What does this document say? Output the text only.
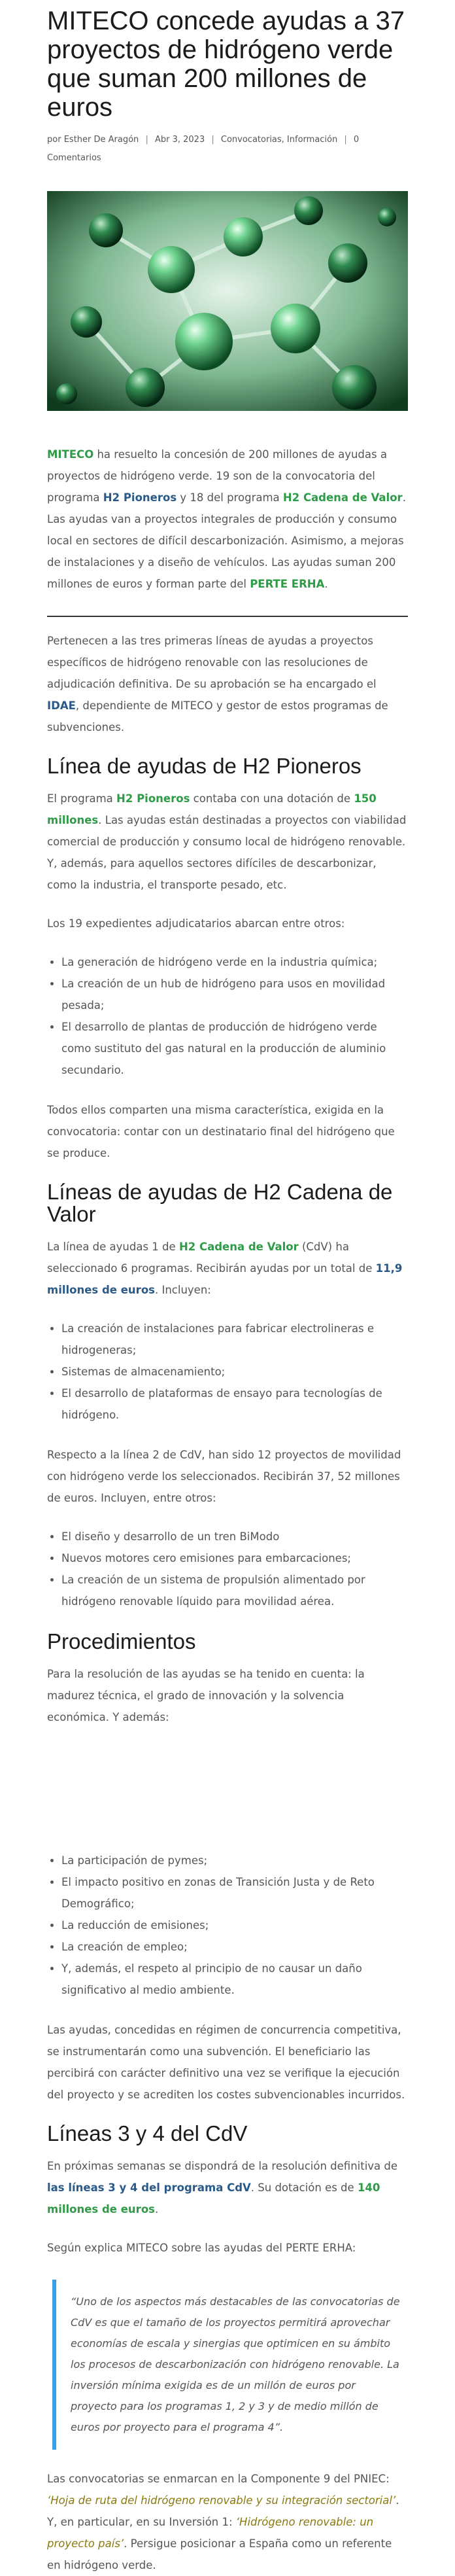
MITECO concede ayudas a 37 proyectos de hidrógeno verde que suman 200 millones de euros
por Esther De Aragón | Abr 3, 2023 | Convocatorias, Información | 0 Comentarios

MITECO ha resuelto la concesión de 200 millones de ayudas a proyectos de hidrógeno verde. 19 son de la convocatoria del programa H2 Pioneros y 18 del programa H2 Cadena de Valor. Las ayudas van a proyectos integrales de producción y consumo local en sectores de difícil descarbonización. Asimismo, a mejoras de instalaciones y a diseño de vehículos. Las ayudas suman 200 millones de euros y forman parte del PERTE ERHA.

Pertenecen a las tres primeras líneas de ayudas a proyectos específicos de hidrógeno renovable con las resoluciones de adjudicación definitiva. De su aprobación se ha encargado el IDAE, dependiente de MITECO y gestor de estos programas de subvenciones.

Línea de ayudas de H2 Pioneros

El programa H2 Pioneros contaba con una dotación de 150 millones. Las ayudas están destinadas a proyectos con viabilidad comercial de producción y consumo local de hidrógeno renovable. Y, además, para aquellos sectores difíciles de descarbonizar, como la industria, el transporte pesado, etc.

Los 19 expedientes adjudicatarios abarcan entre otros:

• La generación de hidrógeno verde en la industria química;
• La creación de un hub de hidrógeno para usos en movilidad pesada;
• El desarrollo de plantas de producción de hidrógeno verde como sustituto del gas natural en la producción de aluminio secundario.

Todos ellos comparten una misma característica, exigida en la convocatoria: contar con un destinatario final del hidrógeno que se produce.

Líneas de ayudas de H2 Cadena de Valor

La línea de ayudas 1 de H2 Cadena de Valor (CdV) ha seleccionado 6 programas. Recibirán ayudas por un total de 11,9 millones de euros. Incluyen:

• La creación de instalaciones para fabricar electrolineras e hidrogeneras;
• Sistemas de almacenamiento;
• El desarrollo de plataformas de ensayo para tecnologías de hidrógeno.

Respecto a la línea 2 de CdV, han sido 12 proyectos de movilidad con hidrógeno verde los seleccionados. Recibirán 37, 52 millones de euros. Incluyen, entre otros:

• El diseño y desarrollo de un tren BiModo
• Nuevos motores cero emisiones para embarcaciones;
• La creación de un sistema de propulsión alimentado por hidrógeno renovable líquido para movilidad aérea.
Procedimientos

Para la resolución de las ayudas se ha tenido en cuenta: la madurez técnica, el grado de innovación y la solvencia económica. Y además:

• La participación de pymes;
• El impacto positivo en zonas de Transición Justa y de Reto Demográfico;
• La reducción de emisiones;
• La creación de empleo;
• Y, además, el respeto al principio de no causar un daño significativo al medio ambiente.

Las ayudas, concedidas en régimen de concurrencia competitiva, se instrumentarán como una subvención. El beneficiario las percibirá con carácter definitivo una vez se verifique la ejecución del proyecto y se acrediten los costes subvencionables incurridos.

Líneas 3 y 4 del CdV

En próximas semanas se dispondrá de la resolución definitiva de las líneas 3 y 4 del programa CdV. Su dotación es de 140 millones de euros.

Según explica MITECO sobre las ayudas del PERTE ERHA:

“Uno de los aspectos más destacables de las convocatorias de CdV es que el tamaño de los proyectos permitirá aprovechar economías de escala y sinergias que optimicen en su ámbito los procesos de descarbonización con hidrógeno renovable. La inversión mínima exigida es de un millón de euros por proyecto para los programas 1, 2 y 3 y de medio millón de euros por proyecto para el programa 4”.

Las convocatorias se enmarcan en la Componente 9 del PNIEC: ‘Hoja de ruta del hidrógeno renovable y su integración sectorial’. Y, en particular, en su Inversión 1: ‘Hidrógeno renovable: un proyecto país’. Persigue posicionar a España como un referente en hidrógeno verde.
